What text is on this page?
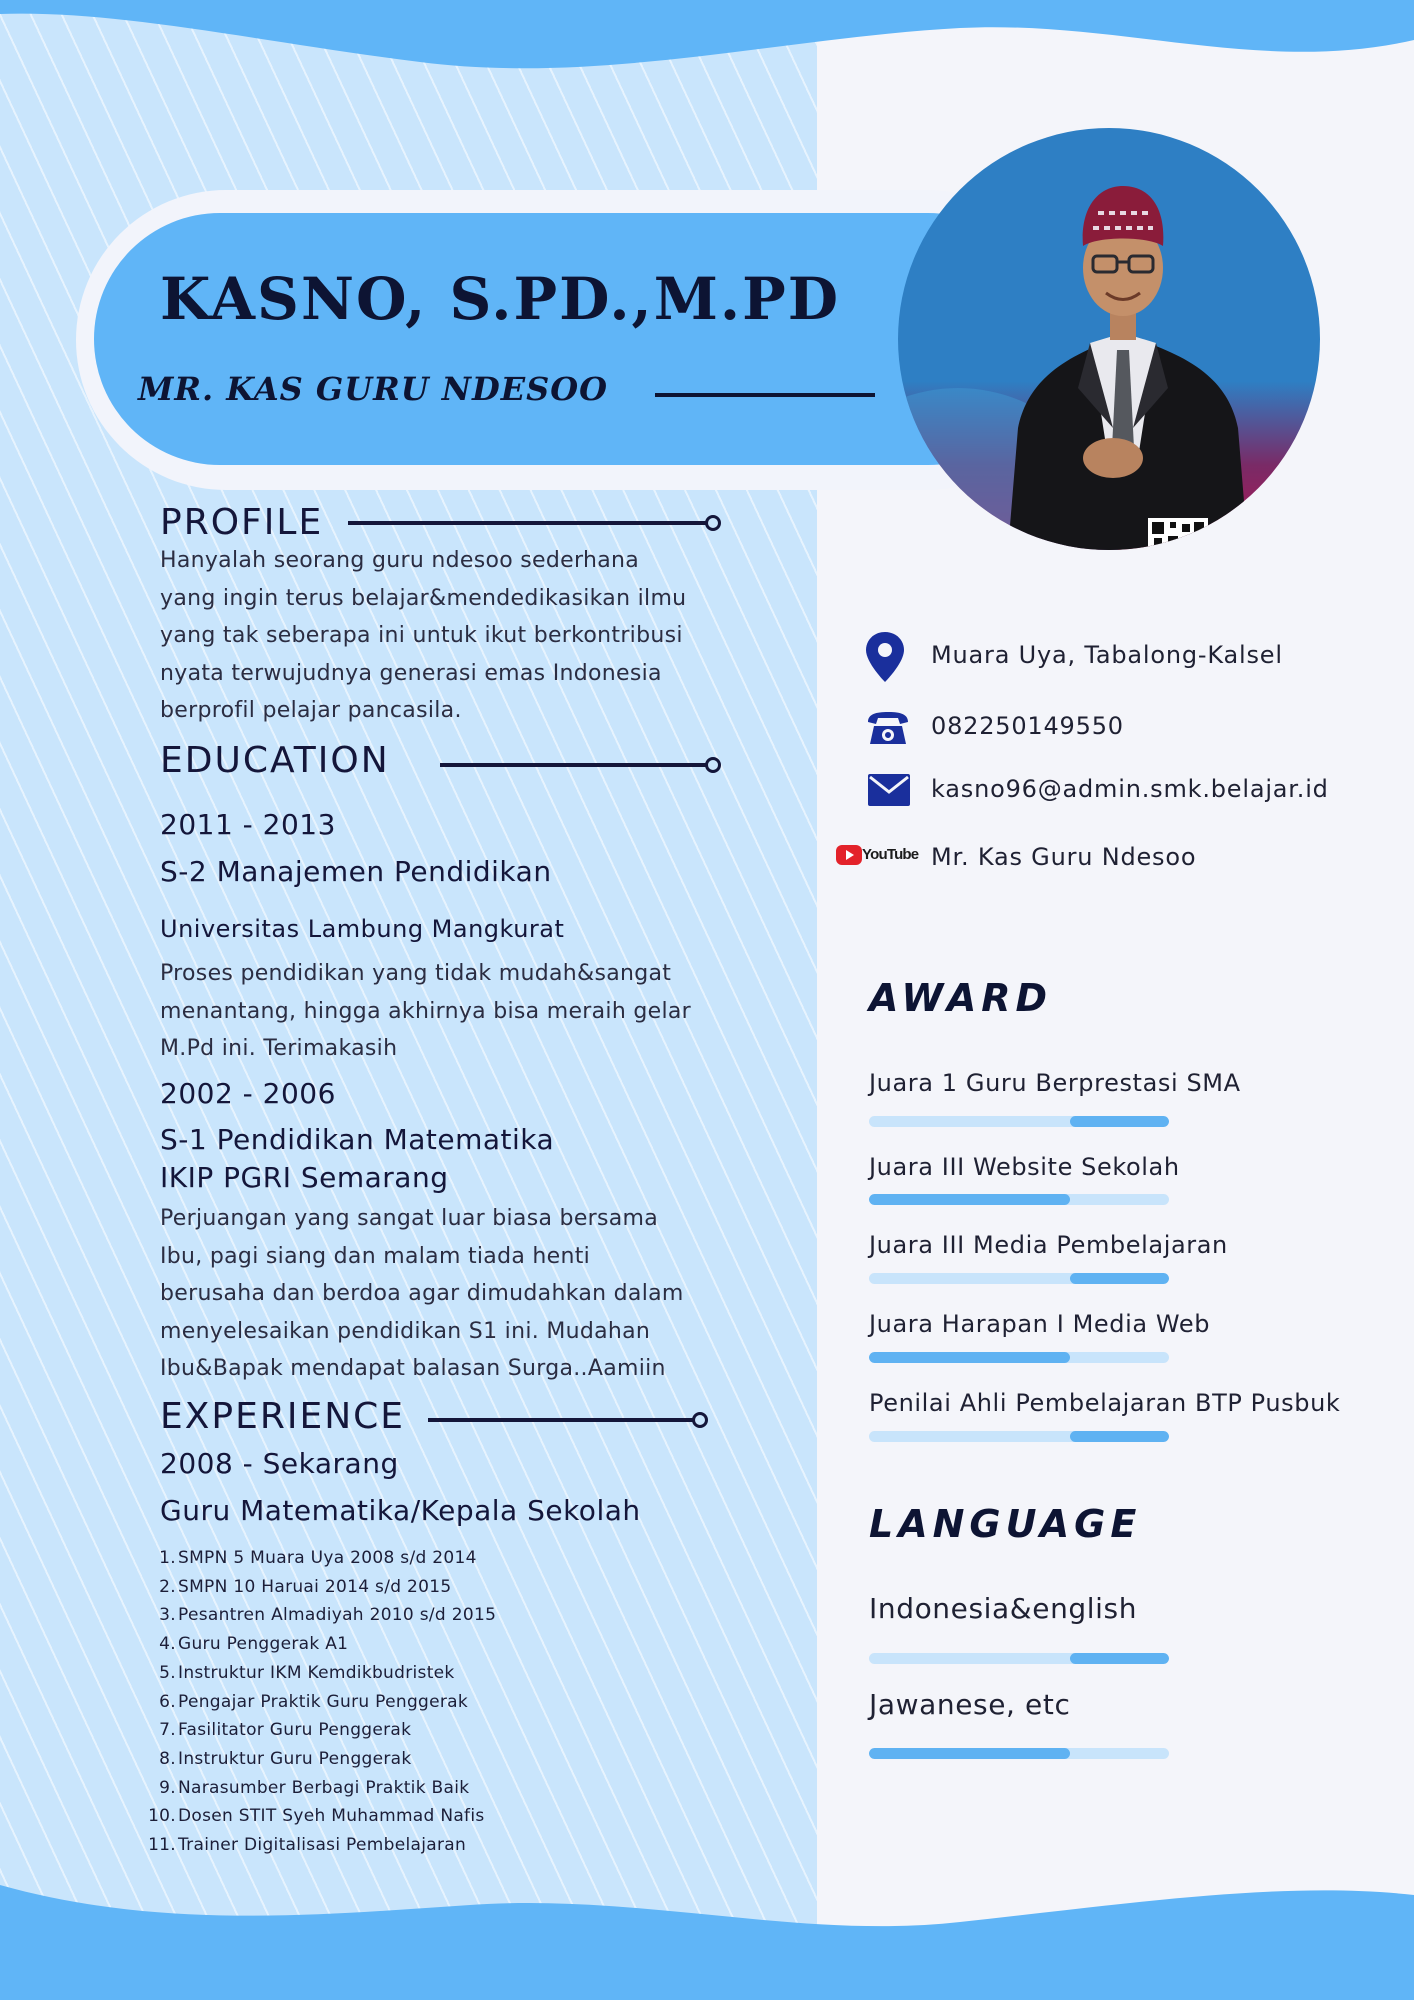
KASNO, S.PD.,M.PD
MR. KAS GURU NDESOO
PROFILE
Hanyalah seorang guru ndesoo sederhana
yang ingin terus belajar&mendedikasikan ilmu
yang tak seberapa ini untuk ikut berkontribusi
nyata terwujudnya generasi emas Indonesia
berprofil pelajar pancasila.
EDUCATION
2011 - 2013
S-2 Manajemen Pendidikan
Universitas Lambung Mangkurat
Proses pendidikan yang tidak mudah&sangat
menantang, hingga akhirnya bisa meraih gelar
M.Pd ini. Terimakasih
2002 - 2006
S-1 Pendidikan Matematika
IKIP PGRI Semarang
Perjuangan yang sangat luar biasa bersama
Ibu, pagi siang dan malam tiada henti
berusaha dan berdoa agar dimudahkan dalam
menyelesaikan pendidikan S1 ini. Mudahan
Ibu&Bapak mendapat balasan Surga..Aamiin
EXPERIENCE
2008 - Sekarang
Guru Matematika/Kepala Sekolah
1. SMPN 5 Muara Uya 2008 s/d 2014
2. SMPN 10 Haruai 2014 s/d 2015
3. Pesantren Almadiyah 2010 s/d 2015
4. Guru Penggerak A1
5. Instruktur IKM Kemdikbudristek
6. Pengajar Praktik Guru Penggerak
7. Fasilitator Guru Penggerak
8. Instruktur Guru Penggerak
9. Narasumber Berbagi Praktik Baik
10. Dosen STIT Syeh Muhammad Nafis
11. Trainer Digitalisasi Pembelajaran
Muara Uya, Tabalong-Kalsel
082250149550
kasno96@admin.smk.belajar.id
YouTube Mr. Kas Guru Ndesoo
AWARD
Juara 1 Guru Berprestasi SMA
Juara III Website Sekolah
Juara III Media Pembelajaran
Juara Harapan I Media Web
Penilai Ahli Pembelajaran BTP Pusbuk
LANGUAGE
Indonesia&english
Jawanese, etc
